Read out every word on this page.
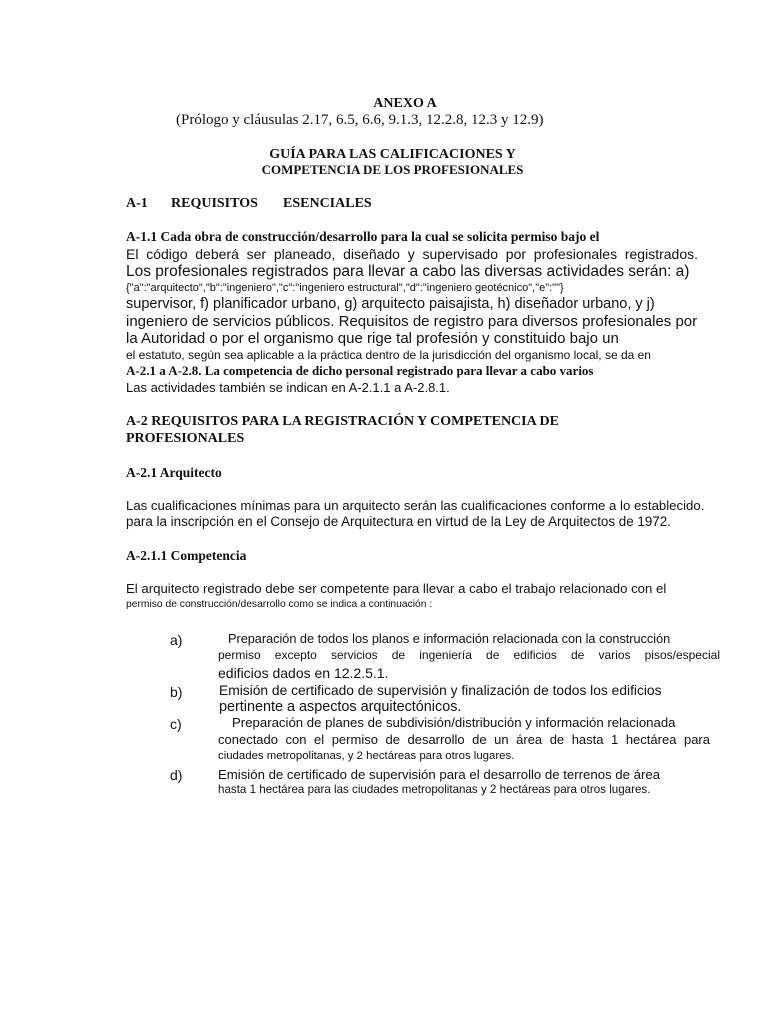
ANEXO A
(Prólogo y cláusulas 2.17, 6.5, 6.6, 9.1.3, 12.2.8, 12.3 y 12.9)
GUÍA PARA LAS CALIFICACIONES Y
COMPETENCIA DE LOS PROFESIONALES
A-1 REQUISITOS ESENCIALES
A-1.1 Cada obra de construcción/desarrollo para la cual se solicita permiso bajo el
El código deberá ser planeado, diseñado y supervisado por profesionales registrados.
Los profesionales registrados para llevar a cabo las diversas actividades serán: a)
{"a":"arquitecto","b":"ingeniero","c":"ingeniero estructural","d":"ingeniero geotécnico","e":""}
supervisor, f) planificador urbano, g) arquitecto paisajista, h) diseñador urbano, y j)
ingeniero de servicios públicos. Requisitos de registro para diversos profesionales por
la Autoridad o por el organismo que rige tal profesión y constituido bajo un
el estatuto, según sea aplicable a la práctica dentro de la jurisdicción del organismo local, se da en
A-2.1 a A-2.8. La competencia de dicho personal registrado para llevar a cabo varios
Las actividades también se indican en A-2.1.1 a A-2.8.1.
A-2 REQUISITOS PARA LA REGISTRACIÓN Y COMPETENCIA DE
PROFESIONALES
A-2.1 Arquitecto
Las cualificaciones mínimas para un arquitecto serán las cualificaciones conforme a lo establecido.
para la inscripción en el Consejo de Arquitectura en virtud de la Ley de Arquitectos de 1972.
A-2.1.1 Competencia
El arquitecto registrado debe ser competente para llevar a cabo el trabajo relacionado con el
permiso de construcción/desarrollo como se indica a continuación :
a)	Preparación de todos los planos e información relacionada con la construcción
permiso excepto servicios de ingeniería de edificios de varios pisos/especial
edificios dados en 12.2.5.1.
b)	Emisión de certificado de supervisión y finalización de todos los edificios
pertinente a aspectos arquitectónicos.
c)	Preparación de planes de subdivisión/distribución y información relacionada
conectado con el permiso de desarrollo de un área de hasta 1 hectárea para
ciudades metropolitanas, y 2 hectáreas para otros lugares.
d)	Emisión de certificado de supervisión para el desarrollo de terrenos de área
hasta 1 hectárea para las ciudades metropolitanas y 2 hectáreas para otros lugares.
